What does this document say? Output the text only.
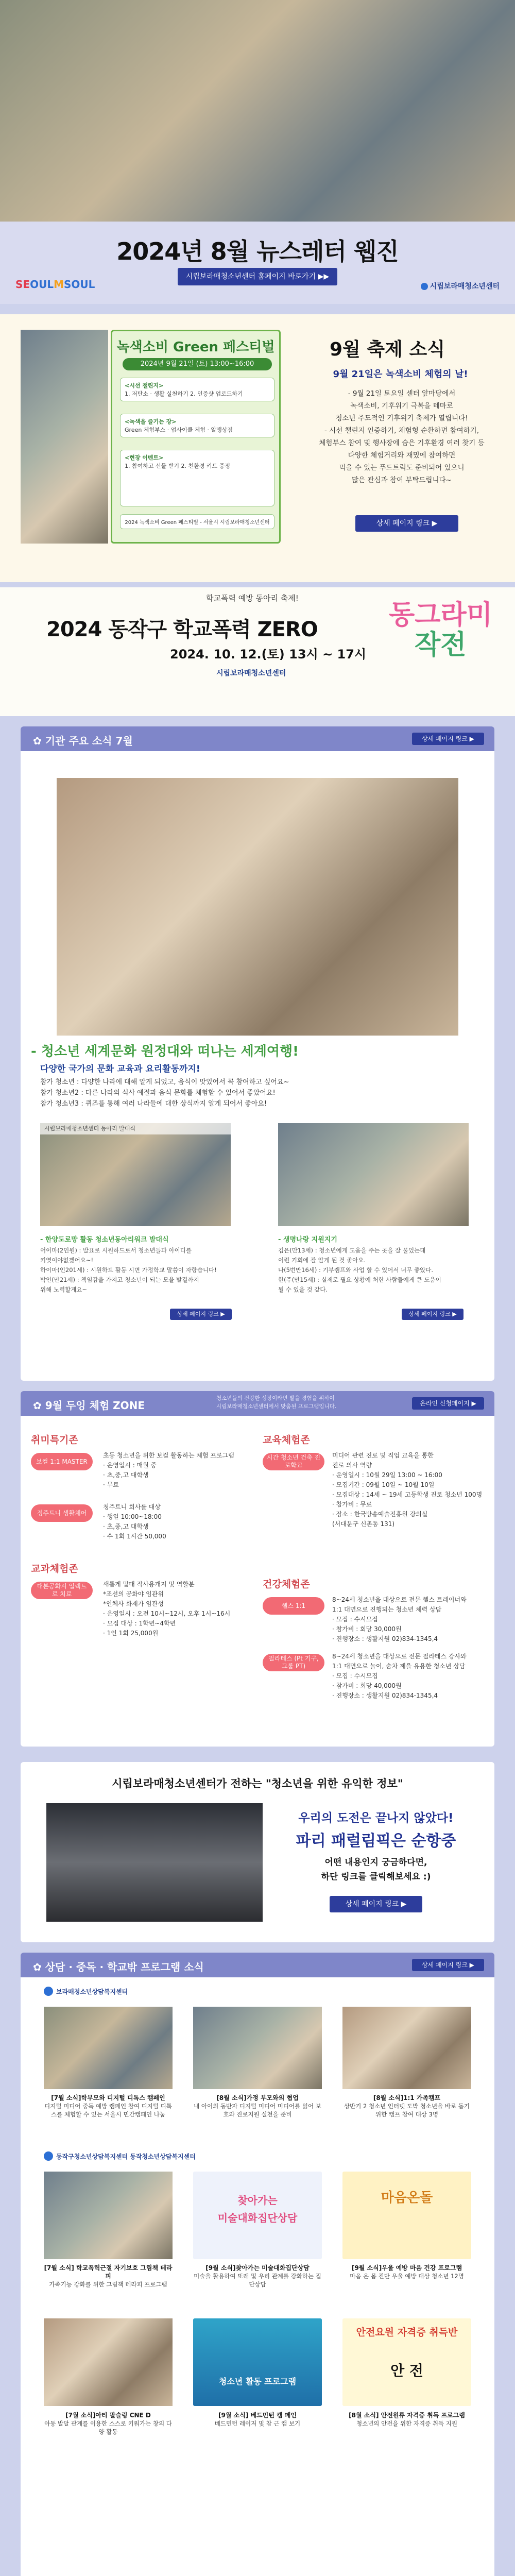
2024년 8월 뉴스레터 웹진
시립보라매청소년센터 홈페이지 바로가기 ▶▶
SEOULMSOUL	시립보라매청소년센터
녹색소비 Green 페스티벌
2024년 9월 21일 (토) 13:00~16:00
<시선 챌린지>
1. 저탄소 · 생활 실천하기 2. 인증샷 업로드하기
<녹색을 즐기는 장>
Green 체험부스 · 업사이클 체험 · 알맹상점
<현장 이벤트>
1. 참여하고 선물 받기 2. 친환경 키트 증정
2024 녹색소비 Green 페스티벌 - 서울시 시립보라매청소년센터
9월 축제 소식
9월 21일은 녹색소비 체험의 날!
- 9월 21일 토요일 센터 앞마당에서
녹색소비, 기후위기 극복을 테마로
청소년 주도적인 기후위기 축제가 열립니다!
- 시선 챌린지 인증하기, 체험형 순환하면 참여하기,
체험부스 참여 및 행사장에 숨은 기후환경 여러 찾기 등
다양한 체험거리와 재밌에 참여하면
먹을 수 있는 푸드트럭도 준비되어 있으니
많은 관심과 참여 부탁드립니다~
상세 페이지 링크 ▶
학교폭력 예방 동아리 축제!
2024 동작구 학교폭력 ZERO
2024. 10. 12.(토) 13시 ~ 17시
동그라미
작전
시립보라매청소년센터
✿ 기관 주요 소식 7월	상세 페이지 링크 ▶
- 청소년 세계문화 원정대와 떠나는 세계여행!
다양한 국가의 문화 교육과 요리활동까지!
참가 청소년 : 다양한 나라에 대해 알게 되었고, 음식이 맛있어서 꼭 참여하고 싶어요~
참가 청소년2 : 다른 나라의 식사 예절과 음식 문화를 체험할 수 있어서 좋았어요!
참가 청소년3 : 퀴즈를 통해 여러 나라들에 대한 상식까지 알게 되어서 좋아요!
시립보라매청소년센터 동아리 발대식
- 한양도로망 활동 청소년동아리워크 발대식
어이마(2인원) : 발표로 시원하드로서 청소년들과 아이디를
키엿이야없겠어요~!
하이마(인201세) : 시원하드 활동 시면 가정학교 말씀이 자랑습니다!
박인(만21세) : 책임감을 가지고 청소년이 되는 모을 발결까지
위해 노력할게요~
상세 페이지 링크 ▶
- 생명나랑 지원지기
김은(만13세) : 청소년에게 도움을 주는 곳을 잘 물었는데
이런 기회에 잘 알게 된 것 좋아요.
나(5번만16세) : 기부캠프와 사업 할 수 있어서 너무 좋았다.
한(주(만15세) : 실제로 필요 상황에 처한 사람들에게 큰 도움이
될 수 있을 것 같다.
상세 페이지 링크 ▶
✿ 9월 두잉 체험 ZONE	온라인 신청페이지 ▶
청소년들의 건강한 성장이라면 발을 경험을 위하여
시립보라매청소년센터에서 맞춤된 프로그램입니다.
취미특기존	교육체험존
교과체험존
건강체험존
보컬 1:1 MASTER
초등 청소년을 위한 보컬 활동하는 체험 프로그램
· 운영일시 : 매월 중
· 초,중,고 대학생
· 무료
정주트니 생활체어
청주트니 회사를 대상
· 행일 10:00~18:00
· 초,중,고 대학생
· 수 1회 1시간 50,000
대본공화시 일렉트로 치료
새롭게 말대 작사용개지 및 역할분
*조선의 공화야 임관위
*인체사 화재가 임관성
· 운영일시 : 오전 10시~12시, 오후 1시~16시
· 모집 대상 : 1학년~4학년
· 1인 1회 25,000원
시간 청소년 건축 진로학교
미디어 관련 진로 및 직업 교육을 통한
진로 의사 역량
· 운영일시 : 10월 29일 13:00 ~ 16:00
· 모집기간 : 09월 10일 ~ 10월 10일
· 모집대상 : 14세 ~ 19세 고등학생 진로 청소년 100명
· 참가비 : 무료
· 장소 : 한국방송예술진흥원 강의실
(서대문구 신촌동 131)
헬스 1:1
8~24세 청소년을 대상으로 전문 헬스 트레이너와
1:1 대면으로 진행되는 청소년 체력 상담
· 모집 : 수시모집
· 참가비 : 회당 30,000원
· 진행장소 : 생활지원 02)834-1345,4
필라테스 (Pt 기구, 그룹 PT)
8~24세 청소년을 대상으로 전문 필라테스 강사와
1:1 대면으로 놀이, 숨차 제을 유용한 청소년 상담
· 모집 : 수시모집
· 참가비 : 회당 40,000원
· 진행장소 : 생활지원 02)834-1345,4
시립보라매청소년센터가 전하는 "청소년을 위한 유익한 정보"
우리의 도전은 끝나지 않았다!
파리 패럴림픽은 순항중
어떤 내용인지 궁금하다면,
하단 링크를 클릭해보세요 :)
상세 페이지 링크 ▶
✿ 상담 · 중독 · 학교밖 프로그램 소식	상세 페이지 링크 ▶
보라매청소년상담복지센터
동작구청소년상담복지센터 동작청소년상담복지센터
[7월 소식]학부모와 디지털 디톡스 캠페인
디지털 미디어 중독 예방 캠페인 참여 디지털 디톡스를 체험할 수 있는 서울시 민간캠페인 나눔
[8월 소식]가정 부모와의 협업
내 아이의 동반자 디지털 미디어 미디어를 읽어 보호와 진로지원 실천을 준비
[8월 소식]1:1 가족캠프
상반기 2 청소년 인터넷 도박 청소년을 바로 돕기 위한 캠프 참여 대상 3명
찾아가는
미술대화집단상담
마음온돌
[7월 소식] 학교폭력근절 자기보호 그림책 테라피
가족기능 강화를 위한 그림책 테라피 프로그램
[9월 소식]찾아가는 미술대화집단상담
미술을 활용하여 또래 및 우리 관계를 강화하는 집단상담
[9월 소식]우울 예방 마음 건강 프로그램
마음 온 몸 진단 우울 예방 대상 청소년 12명
청소년 활동 프로그램
안전요원 자격증 취득반
안 전
[7월 소식]아티 팔슬링 CNE D
아동 발달 관계를 이용한 스스로 키워가는 창의 다양 활동
[9월 소식] 베드민턴 캠 페인
베드민턴 레이저 및 참 근 캠 보기
[8월 소식] 안전원류 자격증 취득 프로그램
청소년의 안전을 위한 자격증 취득 지원
